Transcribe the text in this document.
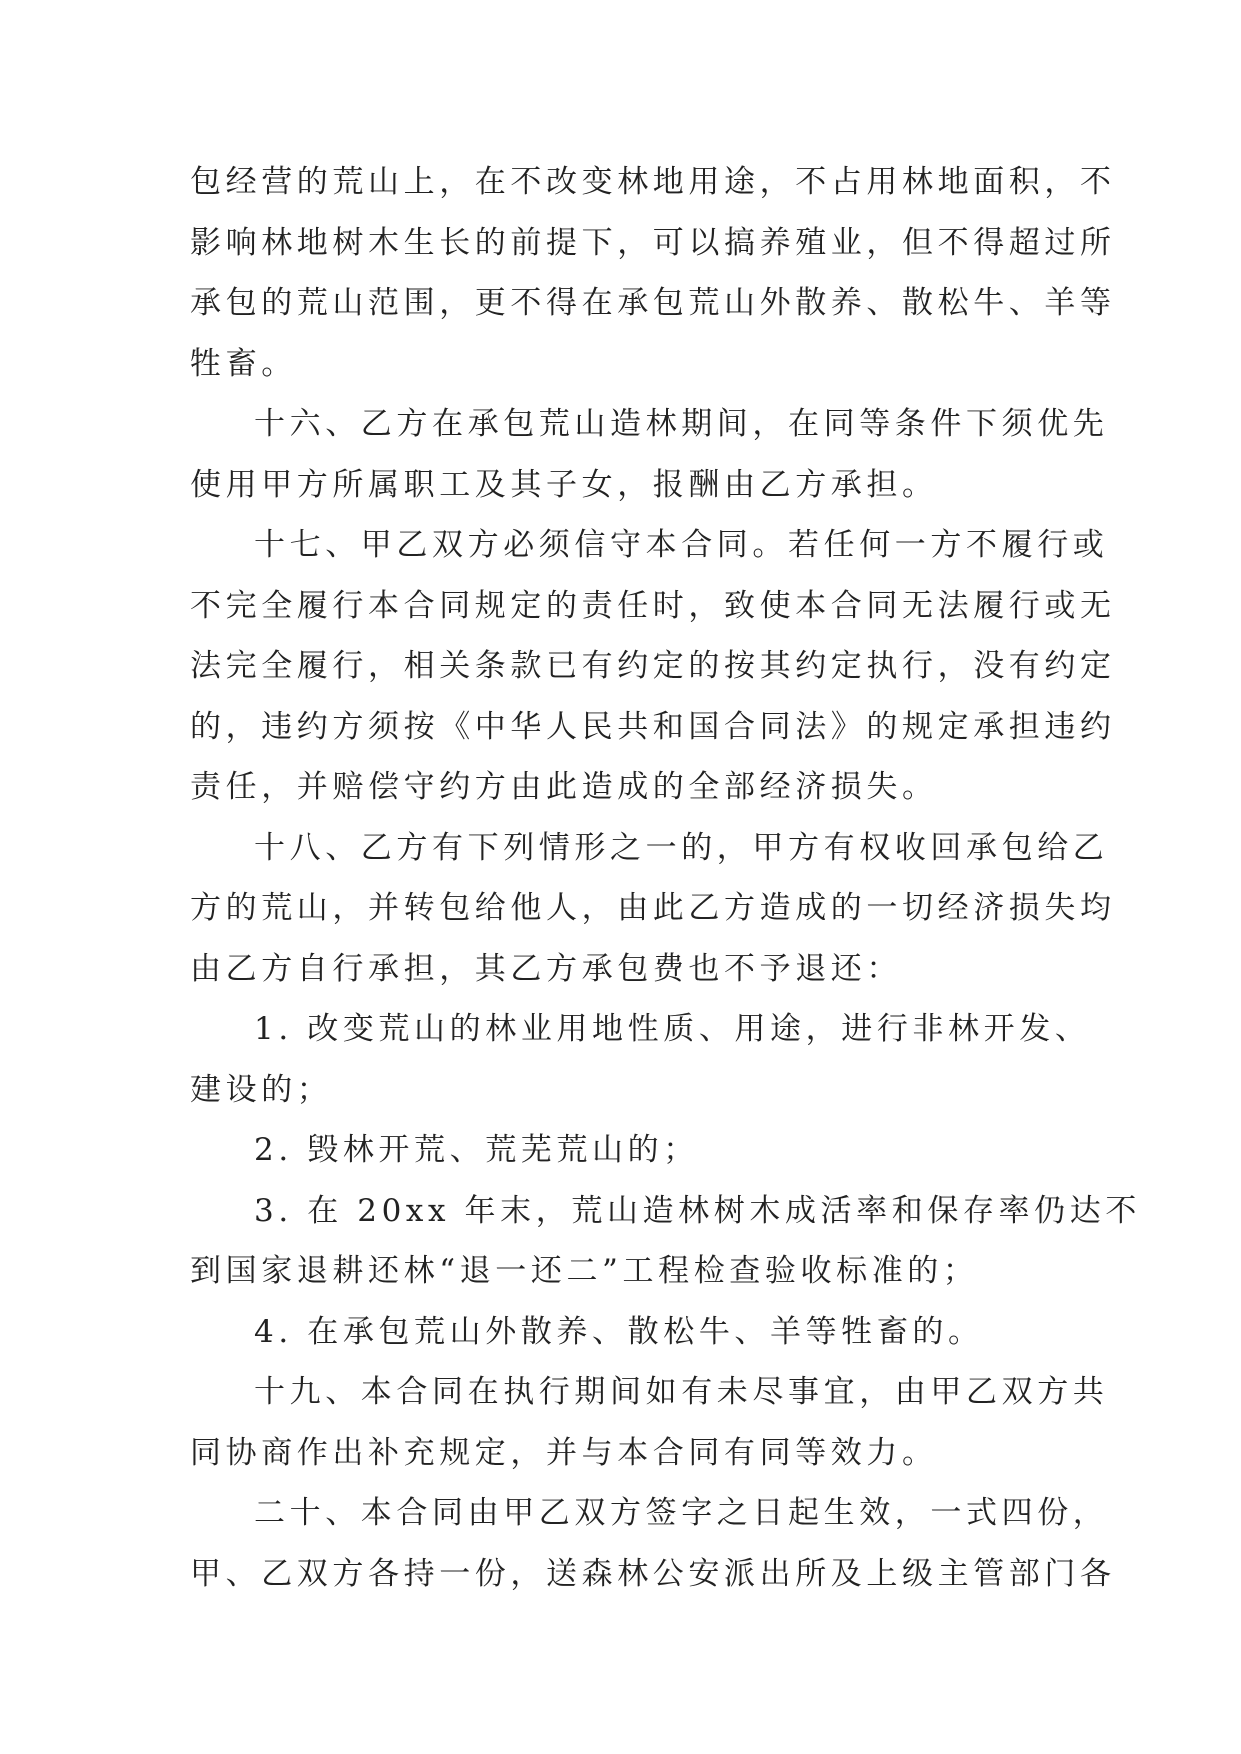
包经营的荒山上，在不改变林地用途，不占用林地面积，不
影响林地树木生长的前提下，可以搞养殖业，但不得超过所
承包的荒山范围，更不得在承包荒山外散养、散松牛、羊等
牲畜。

十六、乙方在承包荒山造林期间，在同等条件下须优先
使用甲方所属职工及其子女，报酬由乙方承担。

十七、甲乙双方必须信守本合同。若任何一方不履行或
不完全履行本合同规定的责任时，致使本合同无法履行或无
法完全履行，相关条款已有约定的按其约定执行，没有约定
的，违约方须按《中华人民共和国合同法》的规定承担违约
责任，并赔偿守约方由此造成的全部经济损失。

十八、乙方有下列情形之一的，甲方有权收回承包给乙
方的荒山，并转包给他人，由此乙方造成的一切经济损失均
由乙方自行承担，其乙方承包费也不予退还：

1. 改变荒山的林业用地性质、用途，进行非林开发、
建设的；

2. 毁林开荒、荒芜荒山的；

3. 在 20xx 年末，荒山造林树木成活率和保存率仍达不
到国家退耕还林“退一还二”工程检查验收标准的；

4. 在承包荒山外散养、散松牛、羊等牲畜的。

十九、本合同在执行期间如有未尽事宜，由甲乙双方共
同协商作出补充规定，并与本合同有同等效力。

二十、本合同由甲乙双方签字之日起生效，一式四份，
甲、乙双方各持一份，送森林公安派出所及上级主管部门各
